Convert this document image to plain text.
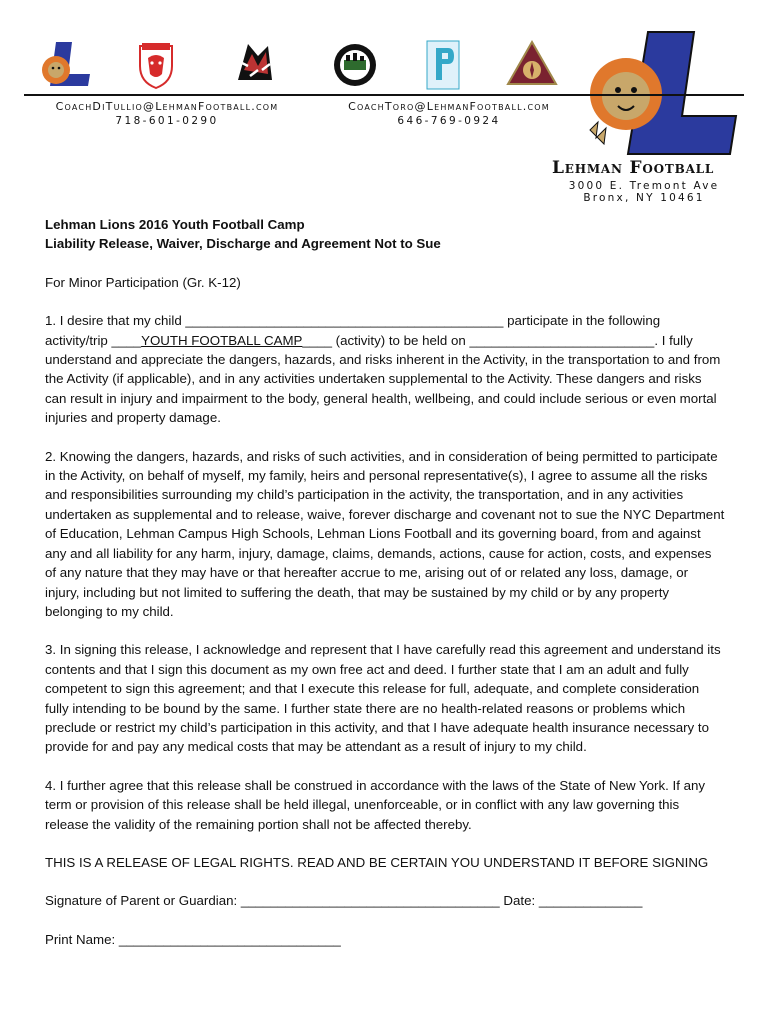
CoachDiTullio@LehmanFootball.com
718-601-0290
CoachToro@LehmanFootball.com
646-769-0924
Lehman Football
3000 E. Tremont Ave
Bronx, NY 10461
Lehman Lions 2016 Youth Football Camp
Liability Release, Waiver, Discharge and Agreement Not to Sue

For Minor Participation (Gr. K-12)

1. I desire that my child ___________________________________________ participate in the following activity/trip ____YOUTH FOOTBALL CAMP____ (activity) to be held on _________________________. I fully understand and appreciate the dangers, hazards, and risks inherent in the Activity, in the transportation to and from the Activity (if applicable), and in any activities undertaken supplemental to the Activity. These dangers and risks can result in injury and impairment to the body, general health, wellbeing, and could include serious or even mortal injuries and property damage.

2. Knowing the dangers, hazards, and risks of such activities, and in consideration of being permitted to participate in the Activity, on behalf of myself, my family, heirs and personal representative(s), I agree to assume all the risks and responsibilities surrounding my child’s participation in the activity, the transportation, and in any activities undertaken as supplemental and to release, waive, forever discharge and covenant not to sue the NYC Department of Education, Lehman Campus High Schools, Lehman Lions Football and its governing board, from and against any and all liability for any harm, injury, damage, claims, demands, actions, cause for action, costs, and expenses of any nature that they may have or that hereafter accrue to me, arising out of or related any loss, damage, or injury, including but not limited to suffering the death, that may be sustained by my child or by any property belonging to my child.

3. In signing this release, I acknowledge and represent that I have carefully read this agreement and understand its contents and that I sign this document as my own free act and deed. I further state that I am an adult and fully competent to sign this agreement; and that I execute this release for full, adequate, and complete consideration fully intending to be bound by the same. I further state there are no health-related reasons or problems which preclude or restrict my child’s participation in this activity, and that I have adequate health insurance necessary to provide for and pay any medical costs that may be attendant as a result of injury to my child.

4. I further agree that this release shall be construed in accordance with the laws of the State of New York. If any term or provision of this release shall be held illegal, unenforceable, or in conflict with any law governing this release the validity of the remaining portion shall not be affected thereby.

THIS IS A RELEASE OF LEGAL RIGHTS. READ AND BE CERTAIN YOU UNDERSTAND IT BEFORE SIGNING

Signature of Parent or Guardian: ___________________________________ Date: ______________

Print Name: ______________________________
